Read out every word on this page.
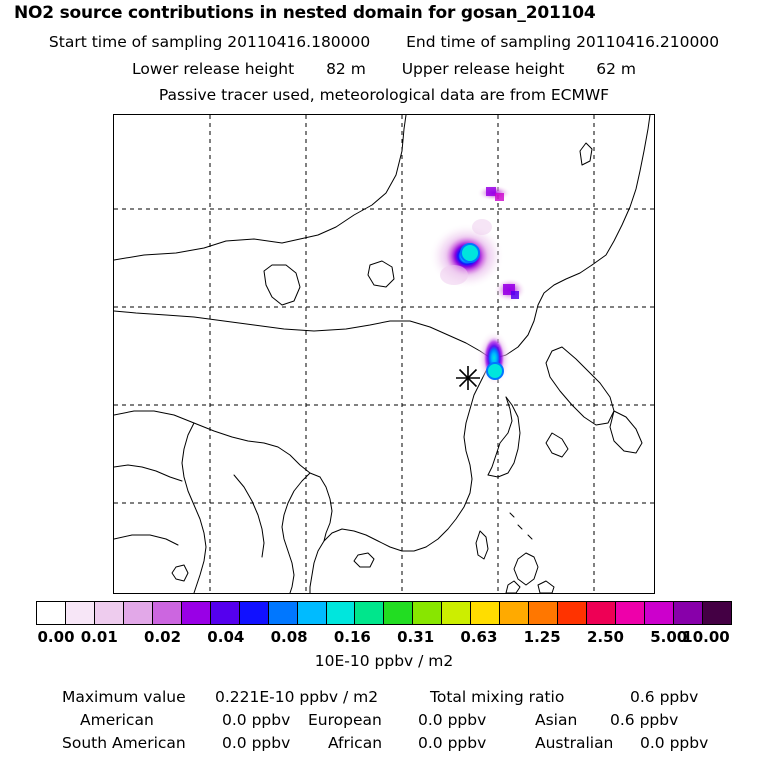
NO2 source contributions in nested domain for gosan_201104
Start time of sampling 20110416.180000 End time of sampling 20110416.210000
Lower release height 82 m Upper release height 62 m
Passive tracer used, meteorological data are from ECMWF
0.00 0.01 0.02 0.04 0.08 0.16 0.31 0.63 1.25 2.50 5.00
10.00
10E-10 ppbv / m2
Maximum value 0.221E-10 ppbv / m2	Total mixing ratio	0.6 ppbv
American	0.0 ppbv European 0.0 ppbv	Asian 0.6 ppbv
South American 0.0 ppbv African 0.0 ppbv	Australian 0.0 ppbv
